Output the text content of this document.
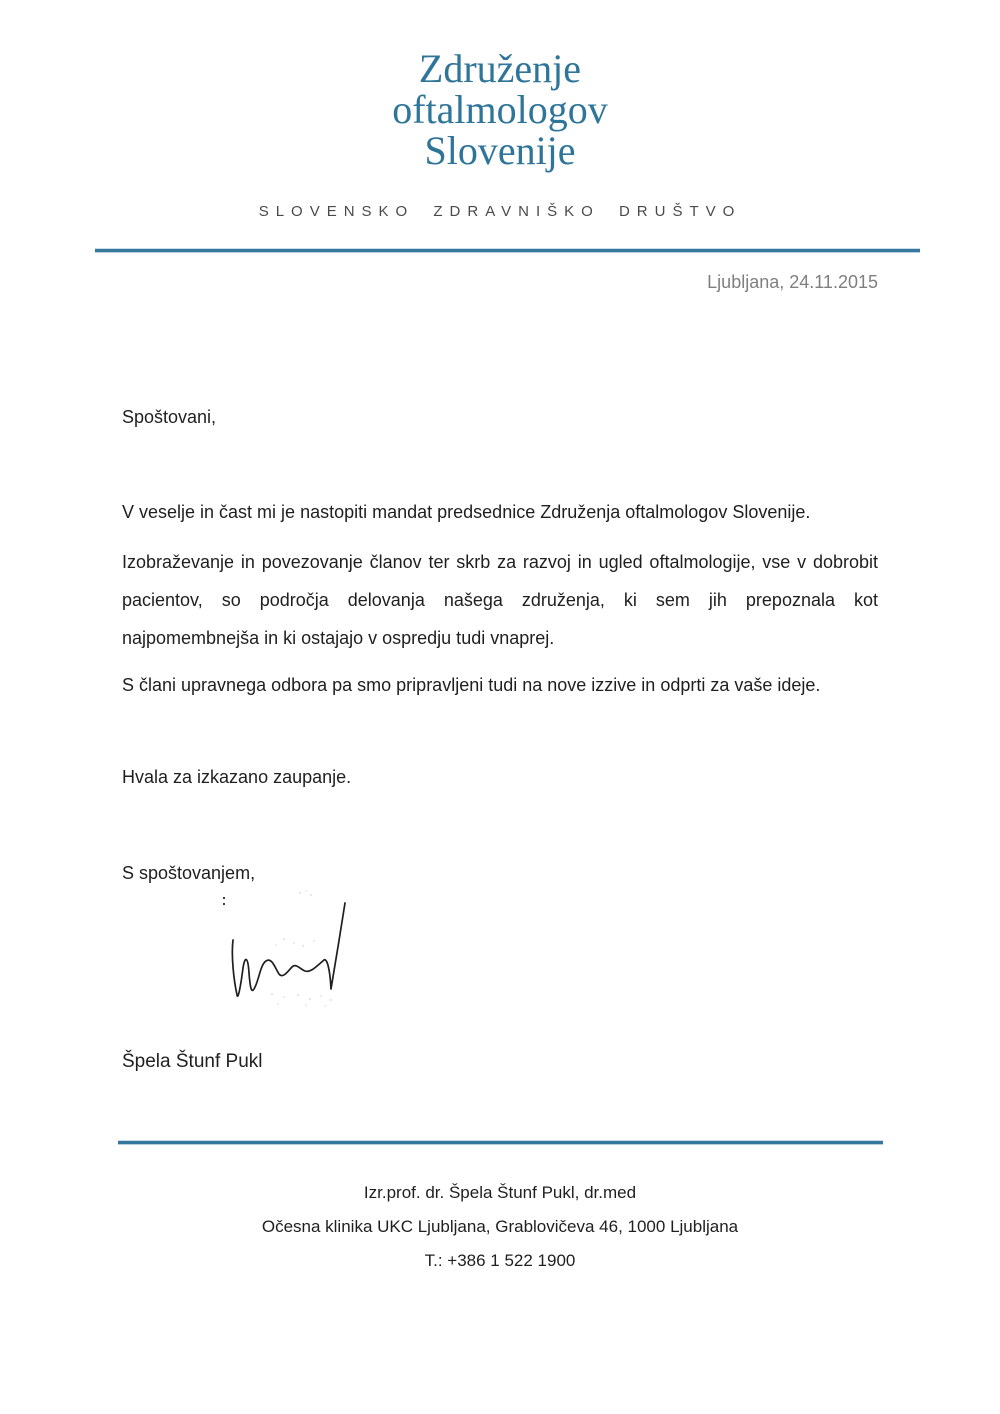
Združenje
oftalmologov
Slovenije
SLOVENSKO ZDRAVNIŠKO DRUŠTVO
Ljubljana, 24.11.2015
Spoštovani,

V veselje in čast mi je nastopiti mandat predsednice Združenja oftalmologov Slovenije.

Izobraževanje in povezovanje članov ter skrb za razvoj in ugled oftalmologije, vse v dobrobit pacientov, so področja delovanja našega združenja, ki sem jih prepoznala kot najpomembnejša in ki ostajajo v ospredju tudi vnaprej.

S člani upravnega odbora pa smo pripravljeni tudi na nove izzive in odprti za vaše ideje.

Hvala za izkazano zaupanje.
S spoštovanjem,
Špela Štunf Pukl
Izr.prof. dr. Špela Štunf Pukl, dr.med
Očesna klinika UKC Ljubljana, Grablovičeva 46, 1000 Ljubljana
T.: +386 1 522 1900
